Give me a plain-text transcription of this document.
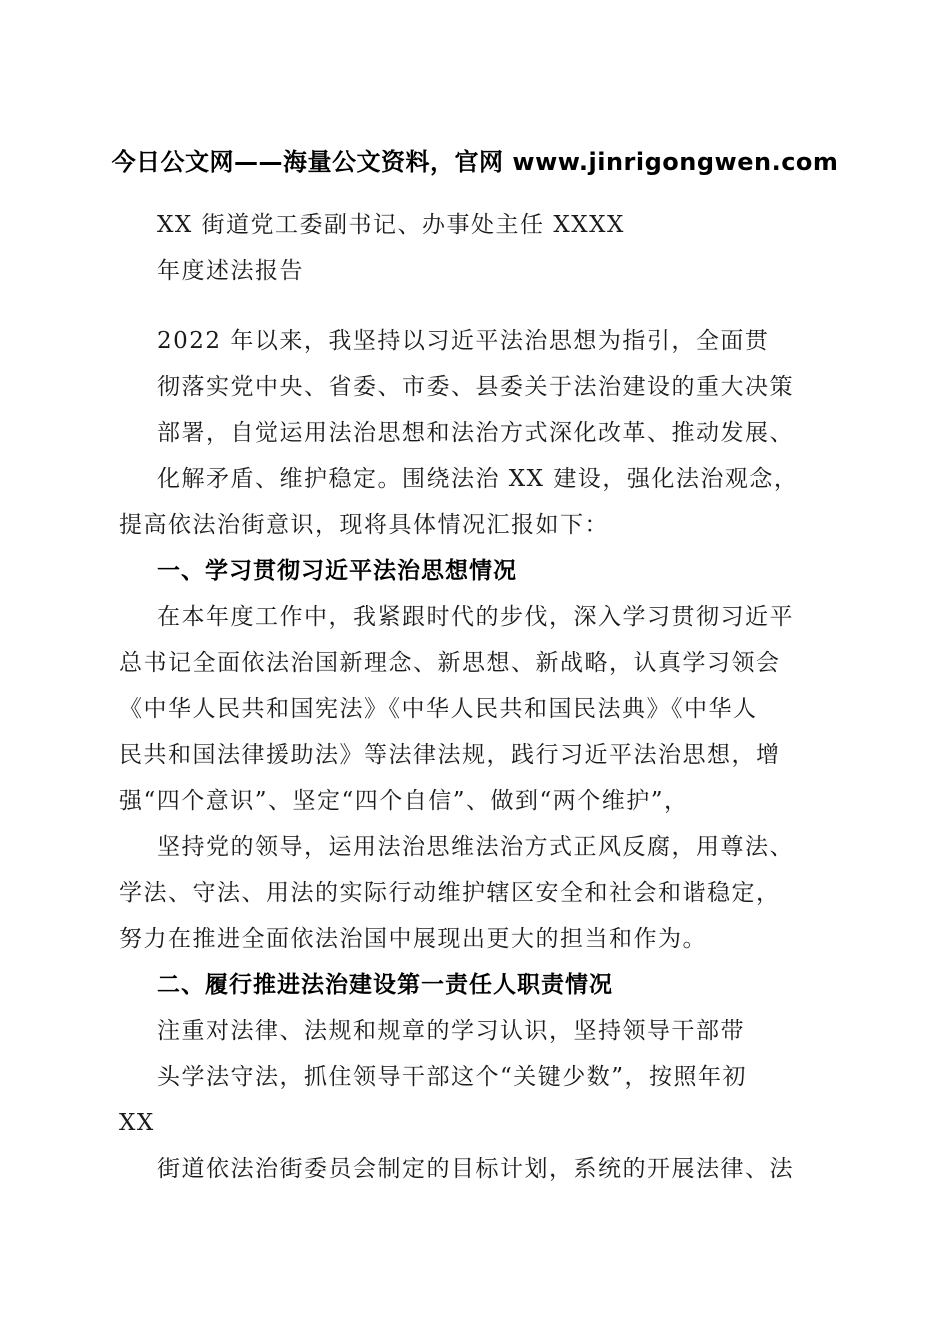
今日公文网——海量公文资料，官网 www.jinrigongwen.com
XX 街道党工委副书记、办事处主任 XXXX
年度述法报告
2022 年以来，我坚持以习近平法治思想为指引，全面贯
彻落实党中央、省委、市委、县委关于法治建设的重大决策
部署，自觉运用法治思想和法治方式深化改革、推动发展、
化解矛盾、维护稳定。围绕法治 XX 建设，强化法治观念，
提高依法治街意识，现将具体情况汇报如下：
一、学习贯彻习近平法治思想情况
在本年度工作中，我紧跟时代的步伐，深入学习贯彻习近平
总书记全面依法治国新理念、新思想、新战略，认真学习领会
《中华人民共和国宪法》《中华人民共和国民法典》《中华人
民共和国法律援助法》等法律法规，践行习近平法治思想，增
强“四个意识”、坚定“四个自信”、做到“两个维护”，
坚持党的领导，运用法治思维法治方式正风反腐，用尊法、
学法、守法、用法的实际行动维护辖区安全和社会和谐稳定，
努力在推进全面依法治国中展现出更大的担当和作为。
二、履行推进法治建设第一责任人职责情况
注重对法律、法规和规章的学习认识，坚持领导干部带
头学法守法，抓住领导干部这个“关键少数”，按照年初
XX
街道依法治街委员会制定的目标计划，系统的开展法律、法
